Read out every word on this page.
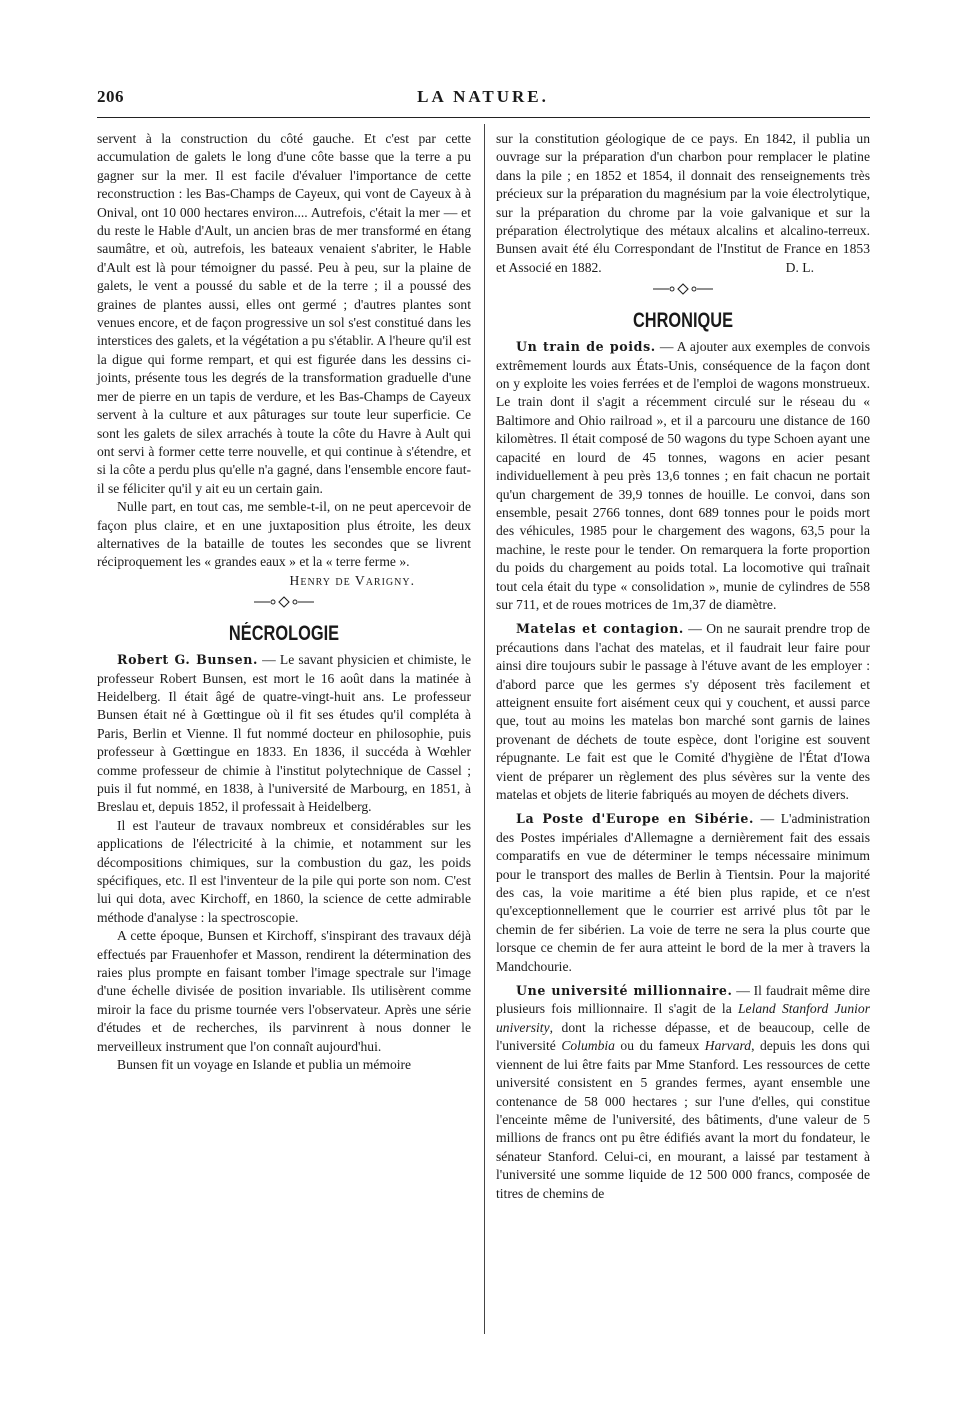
206	LA NATURE.

servent à la construction du côté gauche. Et c'est par cette accumulation de galets le long d'une côte basse que la terre a pu gagner sur la mer. Il est facile d'évaluer l'importance de cette reconstruction : les Bas-Champs de Cayeux, qui vont de Cayeux à à Onival, ont 10 000 hectares environ.... Autrefois, c'était la mer — et du reste le Hable d'Ault, un ancien bras de mer transformé en étang saumâtre, et où, autrefois, les bateaux venaient s'abriter, le Hable d'Ault est là pour témoigner du passé. Peu à peu, sur la plaine de galets, le vent a poussé du sable et de la terre ; il a poussé des graines de plantes aussi, elles ont germé ; d'autres plantes sont venues encore, et de façon progressive un sol s'est constitué dans les interstices des galets, et la végétation a pu s'établir. A l'heure qu'il est la digue qui forme rempart, et qui est figurée dans les dessins ci-joints, présente tous les degrés de la transformation graduelle d'une mer de pierre en un tapis de verdure, et les Bas-Champs de Cayeux servent à la culture et aux pâturages sur toute leur superficie. Ce sont les galets de silex arrachés à toute la côte du Havre à Ault qui ont servi à former cette terre nouvelle, et qui continue à s'étendre, et si la côte a perdu plus qu'elle n'a gagné, dans l'ensemble encore faut-il se féliciter qu'il y ait eu un certain gain.

Nulle part, en tout cas, me semble-t-il, on ne peut apercevoir de façon plus claire, et en une juxtaposition plus étroite, les deux alternatives de la bataille de toutes les secondes que se livrent réciproquement les « grandes eaux » et la « terre ferme ».

Henry de Varigny.

NÉCROLOGIE

Robert G. Bunsen. — Le savant physicien et chimiste, le professeur Robert Bunsen, est mort le 16 août dans la matinée à Heidelberg. Il était âgé de quatre-vingt-huit ans. Le professeur Bunsen était né à Gœttingue où il fit ses études qu'il compléta à Paris, Berlin et Vienne. Il fut nommé docteur en philosophie, puis professeur à Gœttingue en 1833. En 1836, il succéda à Wœhler comme professeur de chimie à l'institut polytechnique de Cassel ; puis il fut nommé, en 1838, à l'université de Marbourg, en 1851, à Breslau et, depuis 1852, il professait à Heidelberg.

Il est l'auteur de travaux nombreux et considérables sur les applications de l'électricité à la chimie, et notamment sur les décompositions chimiques, sur la combustion du gaz, les poids spécifiques, etc. Il est l'inventeur de la pile qui porte son nom. C'est lui qui dota, avec Kirchoff, en 1860, la science de cette admirable méthode d'analyse : la spectroscopie.

A cette époque, Bunsen et Kirchoff, s'inspirant des travaux déjà effectués par Frauenhofer et Masson, rendirent la détermination des raies plus prompte en faisant tomber l'image spectrale sur l'image d'une échelle divisée de position invariable. Ils utilisèrent comme miroir la face du prisme tournée vers l'observateur. Après une série d'études et de recherches, ils parvinrent à nous donner le merveilleux instrument que l'on connaît aujourd'hui.

Bunsen fit un voyage en Islande et publia un mémoire

sur la constitution géologique de ce pays. En 1842, il publia un ouvrage sur la préparation d'un charbon pour remplacer le platine dans la pile ; en 1852 et 1854, il donnait des renseignements très précieux sur la préparation du magnésium par la voie électrolytique, sur la préparation du chrome par la voie galvanique et sur la préparation électrolytique des métaux alcalins et alcalino-terreux. Bunsen avait été élu Correspondant de l'Institut de France en 1853 et Associé en 1882.	D. L.

CHRONIQUE

Un train de poids. — A ajouter aux exemples de convois extrêmement lourds aux États-Unis, conséquence de la façon dont on y exploite les voies ferrées et de l'emploi de wagons monstrueux. Le train dont il s'agit a récemment circulé sur le réseau du « Baltimore and Ohio railroad », et il a parcouru une distance de 160 kilomètres. Il était composé de 50 wagons du type Schoen ayant une capacité en lourd de 45 tonnes, wagons en acier pesant individuellement à peu près 13,6 tonnes ; en fait chacun ne portait qu'un chargement de 39,9 tonnes de houille. Le convoi, dans son ensemble, pesait 2766 tonnes, dont 689 tonnes pour le poids mort des véhicules, 1985 pour le chargement des wagons, 63,5 pour la machine, le reste pour le tender. On remarquera la forte proportion du poids du chargement au poids total. La locomotive qui traînait tout cela était du type « consolidation », munie de cylindres de 558 sur 711, et de roues motrices de 1m,37 de diamètre.

Matelas et contagion. — On ne saurait prendre trop de précautions dans l'achat des matelas, et il faudrait leur faire pour ainsi dire toujours subir le passage à l'étuve avant de les employer : d'abord parce que les germes s'y déposent très facilement et atteignent ensuite fort aisément ceux qui y couchent, et aussi parce que, tout au moins les matelas bon marché sont garnis de laines provenant de déchets de toute espèce, dont l'origine est souvent répugnante. Le fait est que le Comité d'hygiène de l'État d'Iowa vient de préparer un règlement des plus sévères sur la vente des matelas et objets de literie fabriqués au moyen de déchets divers.

La Poste d'Europe en Sibérie. — L'administration des Postes impériales d'Allemagne a dernièrement fait des essais comparatifs en vue de déterminer le temps nécessaire minimum pour le transport des malles de Berlin à Tientsin. Pour la majorité des cas, la voie maritime a été bien plus rapide, et ce n'est qu'exceptionnellement que le courrier est arrivé plus tôt par le chemin de fer sibérien. La voie de terre ne sera la plus courte que lorsque ce chemin de fer aura atteint le bord de la mer à travers la Mandchourie.

Une université millionnaire. — Il faudrait même dire plusieurs fois millionnaire. Il s'agit de la Leland Stanford Junior university, dont la richesse dépasse, et de beaucoup, celle de l'université Columbia ou du fameux Harvard, depuis les dons qui viennent de lui être faits par Mme Stanford. Les ressources de cette université consistent en 5 grandes fermes, ayant ensemble une contenance de 58 000 hectares ; sur l'une d'elles, qui constitue l'enceinte même de l'université, des bâtiments, d'une valeur de 5 millions de francs ont pu être édifiés avant la mort du fondateur, le sénateur Stanford. Celui-ci, en mourant, a laissé par testament à l'université une somme liquide de 12 500 000 francs, composée de titres de chemins de
